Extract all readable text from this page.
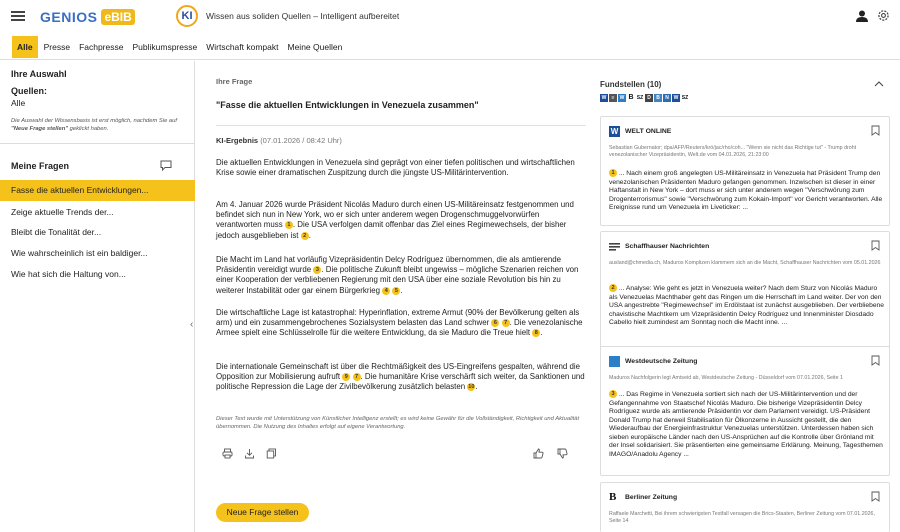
GENIOS eBIB	KI	Wissen aus soliden Quellen – Intelligent aufbereitet
Alle	Presse	Fachpresse	Publikumspresse	Wirtschaft kompakt	Meine Quellen
Ihre Auswahl
Quellen:
Alle
Die Auswahl der Wissensbasis ist erst möglich, nachdem Sie auf "Neue Frage stellen" geklickt haben.
Meine Fragen
Fasse die aktuellen Entwicklungen...
Zeige aktuelle Trends der...
Bleibt die Tonalität der...
Wie wahrscheinlich ist ein baldiger...
Wie hat sich die Haltung von...
‹
Ihre Frage
"Fasse die aktuellen Entwicklungen in Venezuela zusammen"
KI-Ergebnis (07.01.2026 / 08:42 Uhr)
Die aktuellen Entwicklungen in Venezuela sind geprägt von einer tiefen politischen und wirtschaftlichen Krise sowie einer dramatischen Zuspitzung durch die jüngste US-Militärintervention.
Am 4. Januar 2026 wurde Präsident Nicolás Maduro durch einen US-Militäreinsatz festgenommen und befindet sich nun in New York, wo er sich unter anderem wegen Drogenschmuggelvorwürfen verantworten muss 1 . Die USA verfolgen damit offenbar das Ziel eines Regimewechsels, der bisher jedoch ausgeblieben ist 2 .
Die Macht im Land hat vorläufig Vizepräsidentin Delcy Rodríguez übernommen, die als amtierende Präsidentin vereidigt wurde 3 . Die politische Zukunft bleibt ungewiss – mögliche Szenarien reichen von einer Kooperation der verbliebenen Regierung mit den USA über eine soziale Revolution bis hin zu weiterer Instabilität oder gar einem Bürgerkrieg 4 5 .
Die wirtschaftliche Lage ist katastrophal: Hyperinflation, extreme Armut (90% der Bevölkerung gelten als arm) und ein zusammengebrochenes Sozialsystem belasten das Land schwer 6 7 . Die venezolanische Armee spielt eine Schlüsselrolle für die weitere Entwicklung, da sie Maduro die Treue hielt 8 .
Die internationale Gemeinschaft ist über die Rechtmäßigkeit des US-Eingreifens gespalten, während die Opposition zur Mobilisierung aufruft 9 7 . Die humanitäre Krise verschärft sich weiter, da Sanktionen und politische Repression die Lage der Zivilbevölkerung zusätzlich belasten 10.
Dieser Text wurde mit Unterstützung von Künstlicher Intelligenz erstellt; es wird keine Gewähr für die Vollständigkeit, Richtigkeit und Aktualität übernommen. Die Nutzung des Inhaltes erfolgt auf eigene Verantwortung.
Neue Frage stellen
Fundstellen (10)
W	≡	W B SZ D	B	N W SZ
W WELT ONLINE
Sebastian Gubernator; dpa/AFP/Reuters/krö/jac/rho/coh... "Wenn sie nicht das Richtige tut" - Trump droht venezolanischer Vizepräsidentin, Welt.de vom 04.01.2026, 21:23:00
1 ... Nach einem groß angelegten US-Militäreinsatz in Venezuela hat Präsident Trump den venezolanischen Präsidenten Maduro gefangen genommen. Inzwischen ist dieser in einer Haftanstalt in New York – dort muss er sich unter anderem wegen "Verschwörung zum Drogenterrorismus" sowie "Verschwörung zum Kokain-Import" vor Gericht verantworten. Alle Ereignisse rund um Venezuela im Liveticker: ...
Schaffhauser Nachrichten
ausland@chmedia.ch, Maduros Komplizen klammern sich an die Macht, Schaffhauser Nachrichten vom 05.01.2026
2 ... Analyse: Wie geht es jetzt in Venezuela weiter? Nach dem Sturz von Nicolás Maduro als Venezuelas Machthaber geht das Ringen um die Herrschaft im Land weiter. Der von den USA angestrebte "Regimewechsel" im Erdölstaat ist zunächst ausgeblieben. Der verbliebene chavistische Machtkern um Vizepräsidentin Delcy Rodríguez und Innenminister Diosdado Cabello hielt zumindest am Sonntag noch die Macht inne. ...
Westdeutsche Zeitung
Maduros Nachfolgerin legt Amtseid ab, Westdeutsche Zeitung - Düsseldorf vom 07.01.2026, Seite 1
3 ... Das Regime in Venezuela sortiert sich nach der US-Militärintervention und der Gefangennahme von Staatschef Nicolás Maduro. Die bisherige Vizepräsidentin Delcy Rodríguez wurde als amtierende Präsidentin vor dem Parlament vereidigt. US-Präsident Donald Trump hat derweil Stabilisation für Ölkonzerne in Aussicht gestellt, die den Wiederaufbau der Energieinfrastruktur Venezuelas unterstützen. Unterdessen haben sich sieben europäische Länder nach den US-Ansprüchen auf die Kontrolle über Grönland mit der Insel solidarisiert. Sie präsentierten eine gemeinsame Erklärung. Meinung, Tagesthemen IMAGO/Anadolu Agency ...
B	Berliner Zeitung
Raffaele Marchetti, Bei ihrem schwierigsten Testfall versagen die Brics-Staaten, Berliner Zeitung vom 07.01.2026, Seite 14
